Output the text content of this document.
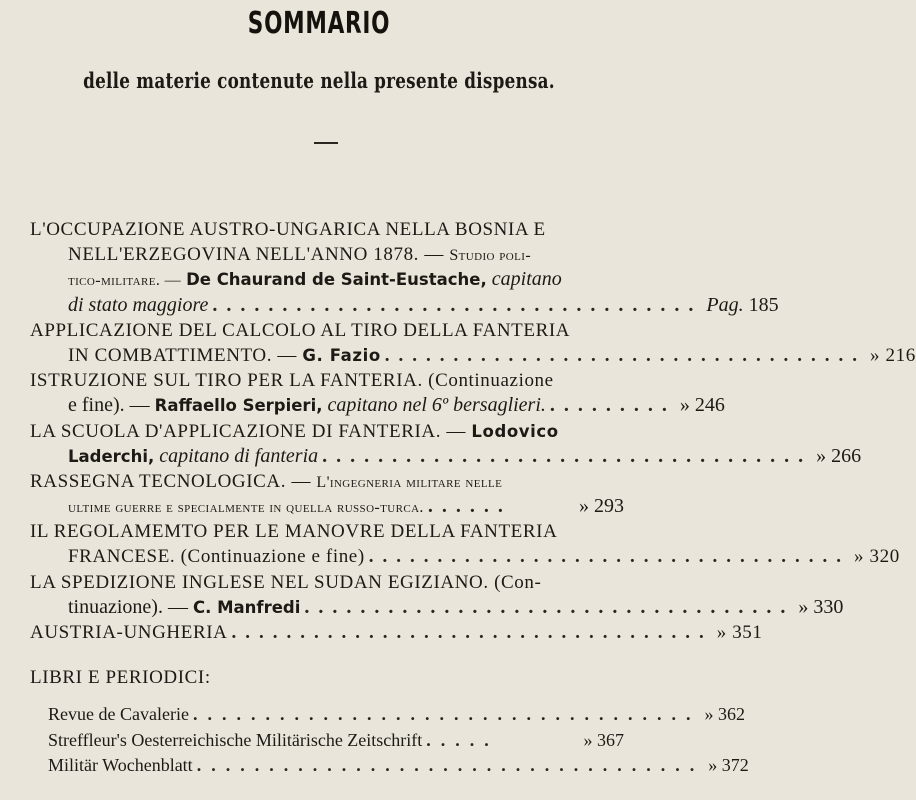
SOMMARIO
delle materie contenute nella presente dispensa.
L'OCCUPAZIONE AUSTRO-UNGARICA NELLA BOSNIA E
NELL'ERZEGOVINA NELL'ANNO 1878. — Studio poli-
tico-militare. — De Chaurand de Saint-Eustache, capitano
di stato maggiore ................................... Pag.
185
APPLICAZIONE DEL CALCOLO AL TIRO DELLA FANTERIA
IN COMBATTIMENTO. —
G. Fazio ................................... »
216
ISTRUZIONE SUL TIRO PER LA FANTERIA. (Continuazione
e fine). —
Raffaello Serpieri,
capitano nel 6º bersaglieri. ......... »
246
LA SCUOLA D'APPLICAZIONE DI FANTERIA. — Lodovico
Laderchi,
capitano di fanteria ................................... »
266
RASSEGNA TECNOLOGICA. — L'ingegneria militare nelle
ultime guerre e specialmente in quella russo-turca. ......	»
293
IL REGOLAMEMTO PER LE MANOVRE DELLA FANTERIA
FRANCESE. (Continuazione e fine) ................................... »
320
LA SPEDIZIONE INGLESE NEL SUDAN EGIZIANO. (Con-
tinuazione). —
C. Manfredi ................................... »
330
AUSTRIA-UNGHERIA ................................... »
351
LIBRI E PERIODICI:
Revue de Cavalerie ................................... »
362
Streffleur's Oesterreichische Militärische Zeitschrift .....	»
367
Militär Wochenblatt ................................... »
372
